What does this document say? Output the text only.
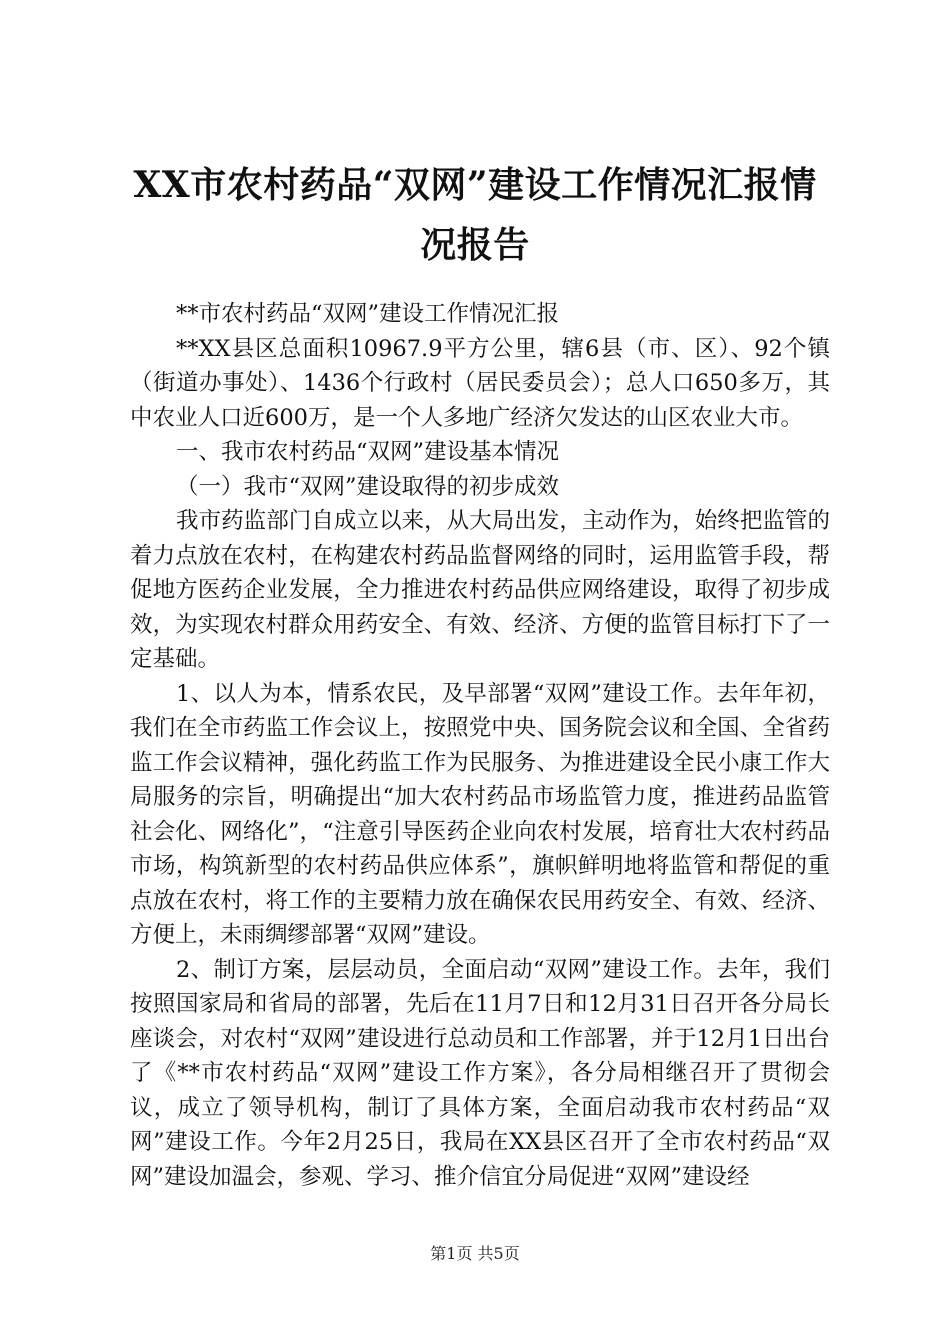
XX市农村药品“双网”建设工作情况汇报情况报告

**市农村药品“双网”建设工作情况汇报

**XX县区总面积10967.9平方公里，辖6县（市、区）、92个镇（街道办事处）、1436个行政村（居民委员会）；总人口650多万，其中农业人口近600万，是一个人多地广经济欠发达的山区农业大市。

一、我市农村药品“双网”建设基本情况

（一）我市“双网”建设取得的初步成效

我市药监部门自成立以来，从大局出发，主动作为，始终把监管的着力点放在农村，在构建农村药品监督网络的同时，运用监管手段，帮促地方医药企业发展，全力推进农村药品供应网络建设，取得了初步成效，为实现农村群众用药安全、有效、经济、方便的监管目标打下了一定基础。

1、以人为本，情系农民，及早部署“双网”建设工作。去年年初，我们在全市药监工作会议上，按照党中央、国务院会议和全国、全省药监工作会议精神，强化药监工作为民服务、为推进建设全民小康工作大局服务的宗旨，明确提出“加大农村药品市场监管力度，推进药品监管社会化、网络化”，“注意引导医药企业向农村发展，培育壮大农村药品市场，构筑新型的农村药品供应体系”，旗帜鲜明地将监管和帮促的重点放在农村，将工作的主要精力放在确保农民用药安全、有效、经济、方便上，未雨绸缪部署“双网”建设。

2、制订方案，层层动员，全面启动“双网”建设工作。去年，我们按照国家局和省局的部署，先后在11月7日和12月31日召开各分局长座谈会，对农村“双网”建设进行总动员和工作部署，并于12月1日出台了《**市农村药品“双网”建设工作方案》，各分局相继召开了贯彻会议，成立了领导机构，制订了具体方案，全面启动我市农村药品“双网”建设工作。今年2月25日，我局在XX县区召开了全市农村药品“双网”建设加温会，参观、学习、推介信宜分局促进“双网”建设经

第1页 共5页
